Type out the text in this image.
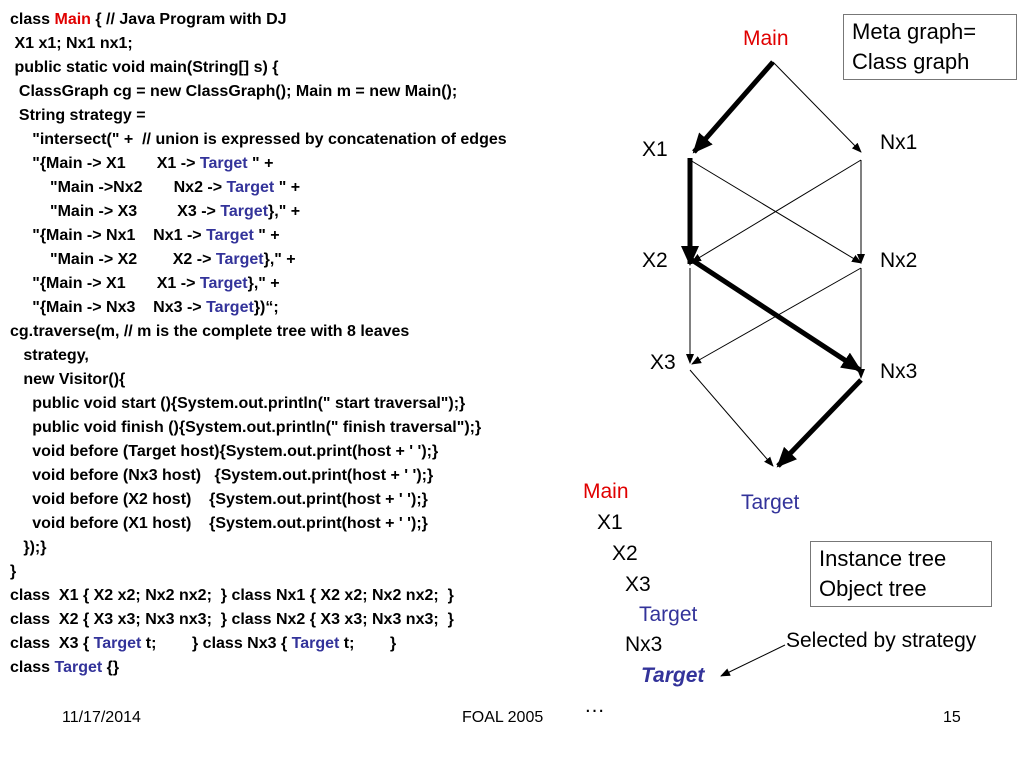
class Main { // Java Program with DJ
X1 x1; Nx1 nx1;
public static void main(String[] s) {
ClassGraph cg = new ClassGraph(); Main m = new Main();
String strategy =
"intersect(" +  // union is expressed by concatenation of edges
"{Main -> X1       X1 -> Target " +
"Main ->Nx2       Nx2 -> Target " +
"Main -> X3         X3 -> Target}," +
"{Main -> Nx1    Nx1 -> Target " +
"Main -> X2        X2 -> Target}," +
"{Main -> X1       X1 -> Target}," +
"{Main -> Nx3    Nx3 -> Target})“;
cg.traverse(m, // m is the complete tree with 8 leaves
strategy,
new Visitor(){
public void start (){System.out.println(" start traversal");}
public void finish (){System.out.println(" finish traversal");}
void before (Target host){System.out.print(host + ' ');}
void before (Nx3 host)   {System.out.print(host + ' ');}
void before (X2 host)    {System.out.print(host + ' ');}
void before (X1 host)    {System.out.print(host + ' ');}
});}
}
class  X1 { X2 x2; Nx2 nx2;  } class Nx1 { X2 x2; Nx2 nx2;  }
class  X2 { X3 x3; Nx3 nx3;  } class Nx2 { X3 x3; Nx3 nx3;  }
class  X3 { Target t;        } class Nx3 { Target t;        }
class Target {}
Main
X1	Nx1
X2	Nx2
X3	Nx3
Target
Meta graph=
Class graph
Instance tree
Object tree
Main
X1
X2
X3
Target
Nx3
Target
…
Selected by strategy
11/17/2014	FOAL 2005	15
